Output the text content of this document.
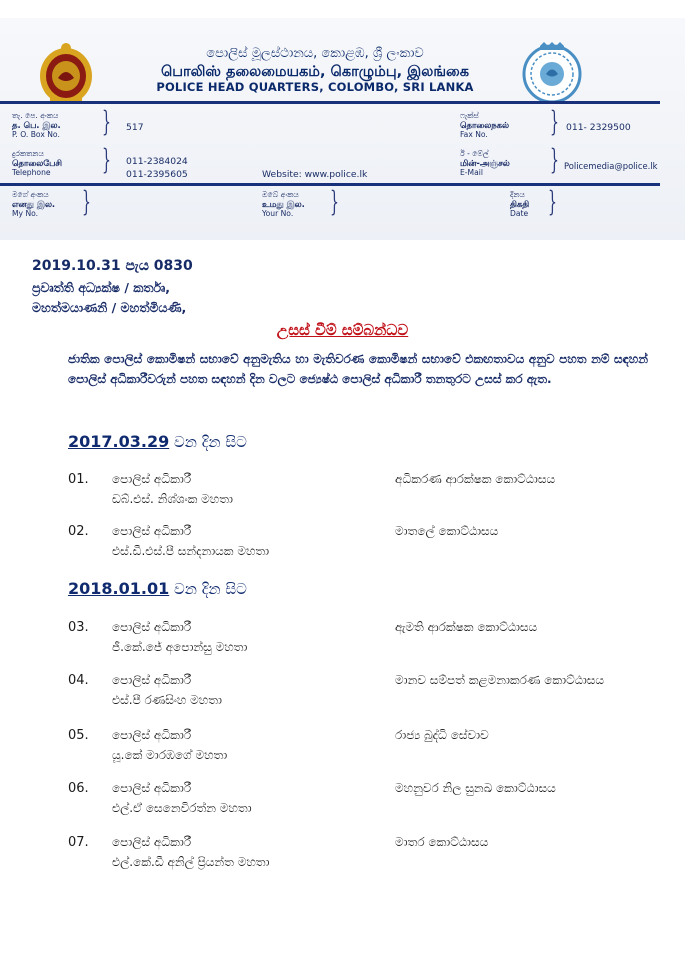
පොලිස් මූලස්ථානය, කොළඹ, ශ්‍රී ලංකාව
பொலிஸ் தலைமையகம், கொழும்பு, இலங்கை
POLICE HEAD QUARTERS, COLOMBO, SRI LANKA
තැ. පෙ. අංකය
த. பெ. இல.
P. O. Box No. } 517
ෆැක්ස්
தொலைநகல்
Fax No.	} 011- 2329500
දුරකතනය
தொலைபேசி
Telephone	} 011-2384024
011-2395605	Website: www.police.lk
ඊ - මේල්
மின்-அஞ்சல்
E-Mail	} Policemedia@police.lk
මගේ අංකය
எனது இல.
My No.	}	ඔබේ අංකය
உமது இல.
Your No.	}	දිනය
திகதி
Date }
2019.10.31 පැය 0830
ප්‍රවෘත්ති අධ්‍යක්ෂ / කර්තෘ,
මහත්මයාණනි / මහත්මියණි,
උසස් වීම් සම්බන්ධව
ජාතික පොලිස් කොමිෂන් සභාවේ අනුමැතිය හා මැතිවරණ කොමිෂන් සභාවේ එකඟතාවය අනුව පහත නම් සඳහන් පොලිස් අධිකාරීවරුන් පහත සඳහන් දින වලට ජ්‍යෙෂ්ඨ පොලිස් අධිකාරී තනතුරට උසස් කර ඇත.
2017.03.29 වන දින සිට
01. පොලිස් අධිකාරී
ඩබ්.එස්. නිශ්ශංක මහතා
අධිකරණ ආරක්ෂක කොට්ඨාසය
02. පොලිස් අධිකාරී
එස්.ඩී.එස්.පී සන්දනායක මහතා
මාතලේ කොට්ඨාසය
2018.01.01 වන දින සිට
03. පොලිස් අධිකාරී
ජී.කේ.ජේ අපොන්සු මහතා
ඇමති ආරක්ෂක කොට්ඨාසය
04. පොලිස් අධිකාරී
එස්.පී රණසිංහ මහතා
මානව සම්පත් කළමනාකරණ කොට්ඨාසය
05. පොලිස් අධිකාරී
යූ.කේ මාරඹගේ මහතා
රාජ්‍ය බුද්ධි සේවාව
06. පොලිස් අධිකාරී
එල්.ඒ සෙනෙවිරත්න මහතා
මහනුවර නිල සුනඛ කොට්ඨාසය
07. පොලිස් අධිකාරී
එල්.කේ.ඩී අනිල් ප්‍රියන්ත මහතා
මාතර කොට්ඨාසය
